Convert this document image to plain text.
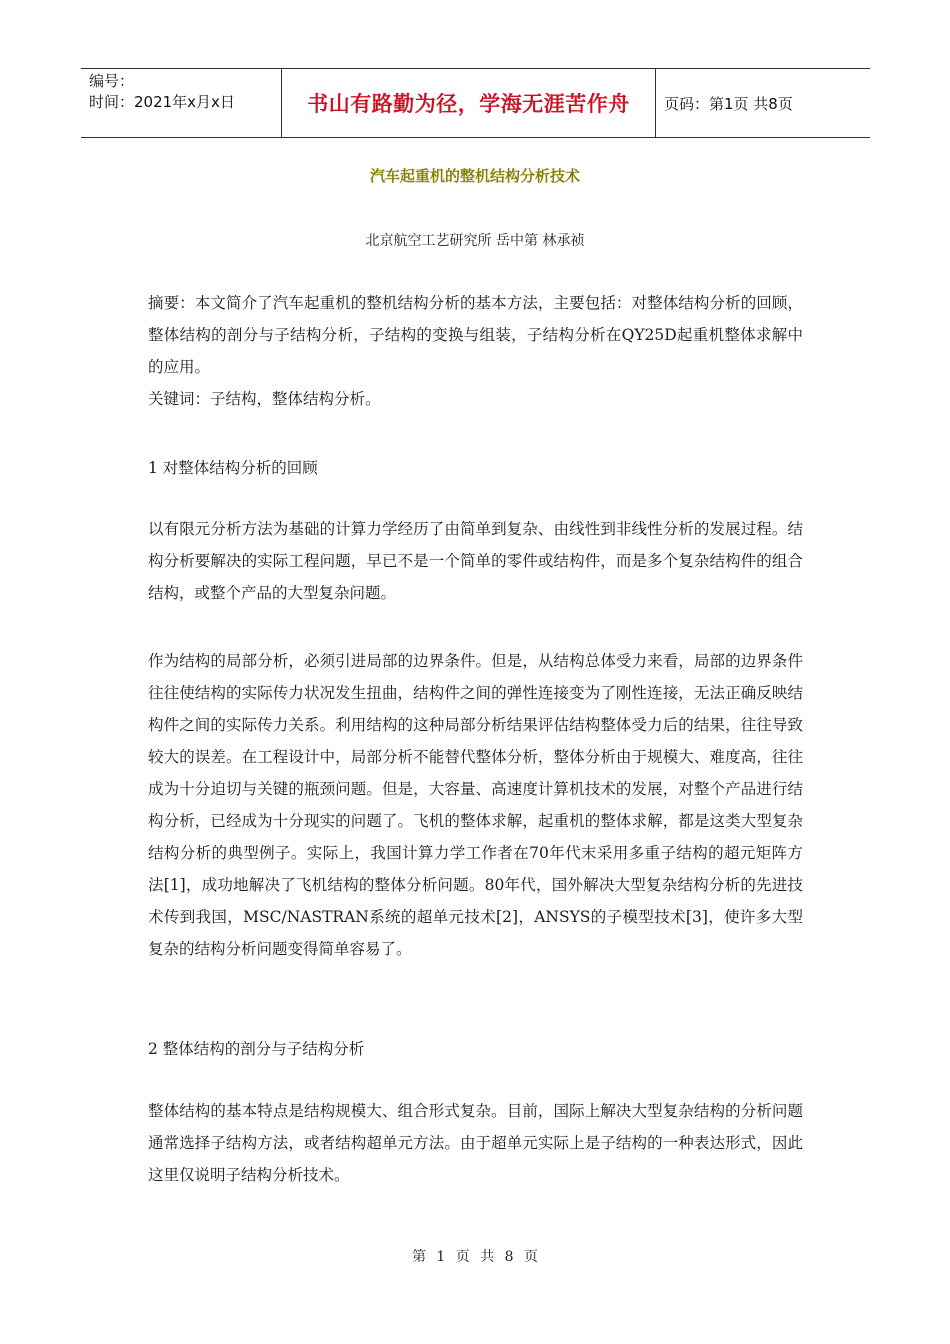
编号：
时间：2021年x月x日	书山有路勤为径，学海无涯苦作舟	页码：第1页 共8页
汽车起重机的整机结构分析技术
北京航空工艺研究所 岳中第 林承祯

摘要：本文简介了汽车起重机的整机结构分析的基本方法，主要包括：对整体结构分析的回顾，整体结构的剖分与子结构分析，子结构的变换与组装，子结构分析在QY25D起重机整体求解中的应用。

关键词：子结构，整体结构分析。

1 对整体结构分析的回顾

以有限元分析方法为基础的计算力学经历了由简单到复杂、由线性到非线性分析的发展过程。结构分析要解决的实际工程问题，早已不是一个简单的零件或结构件，而是多个复杂结构件的组合结构，或整个产品的大型复杂问题。

作为结构的局部分析，必须引进局部的边界条件。但是，从结构总体受力来看，局部的边界条件往往使结构的实际传力状况发生扭曲，结构件之间的弹性连接变为了刚性连接，无法正确反映结构件之间的实际传力关系。利用结构的这种局部分析结果评估结构整体受力后的结果，往往导致较大的误差。在工程设计中，局部分析不能替代整体分析，整体分析由于规模大、难度高，往往成为十分迫切与关键的瓶颈问题。但是，大容量、高速度计算机技术的发展，对整个产品进行结构分析，已经成为十分现实的问题了。飞机的整体求解，起重机的整体求解，都是这类大型复杂结构分析的典型例子。实际上，我国计算力学工作者在70年代末采用多重子结构的超元矩阵方法[1]，成功地解决了飞机结构的整体分析问题。80年代，国外解决大型复杂结构分析的先进技术传到我国，MSC/NASTRAN系统的超单元技术[2]，ANSYS的子模型技术[3]，使许多大型复杂的结构分析问题变得简单容易了。

2 整体结构的剖分与子结构分析

整体结构的基本特点是结构规模大、组合形式复杂。目前，国际上解决大型复杂结构的分析问题通常选择子结构方法，或者结构超单元方法。由于超单元实际上是子结构的一种表达形式，因此这里仅说明子结构分析技术。

第 1 页 共 8 页
